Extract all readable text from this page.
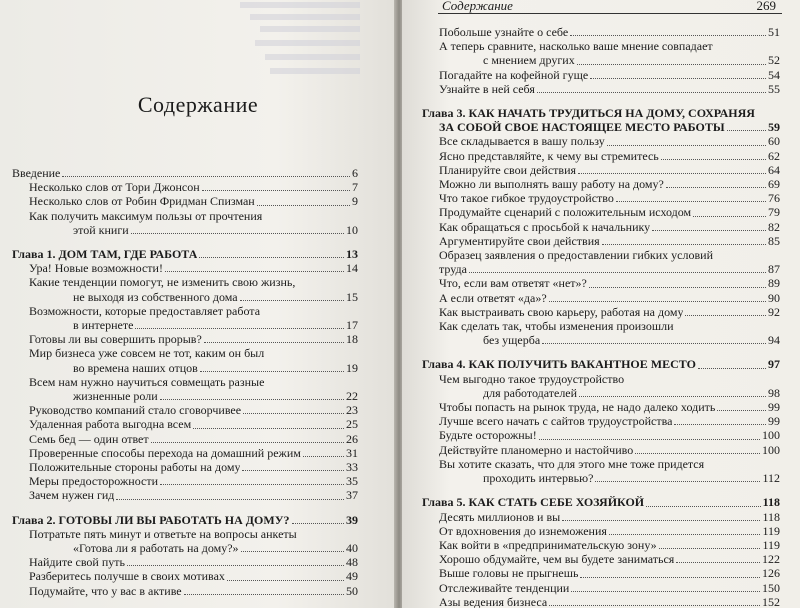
Содержание
Введение	6
Несколько слов от Тори Джонсон	7
Несколько слов от Робин Фридман Спизман	9
Как получить максимум пользы от прочтения
этой книги	10
Глава 1. ДОМ ТАМ, ГДЕ РАБОТА	13
Ура! Новые возможности!	14
Какие тенденции помогут, не изменить свою жизнь,
не выходя из собственного дома	15
Возможности, которые предоставляет работа
в интернете	17
Готовы ли вы совершить прорыв?	18
Мир бизнеса уже совсем не тот, каким он был
во времена наших отцов	19
Всем нам нужно научиться совмещать разные
жизненные роли	22
Руководство компаний стало сговорчивее	23
Удаленная работа выгодна всем	25
Семь бед — один ответ	26
Проверенные способы перехода на домашний режим	31
Положительные стороны работы на дому	33
Меры предосторожности	35
Зачем нужен гид	37
Глава 2. ГОТОВЫ ЛИ ВЫ РАБОТАТЬ НА ДОМУ?	39
Потратьте пять минут и ответьте на вопросы анкеты
«Готова ли я работать на дому?»	40
Найдите свой путь	48
Разберитесь получше в своих мотивах	49
Подумайте, что у вас в активе	50
Содержание	269
Побольше узнайте о себе	51
А теперь сравните, насколько ваше мнение совпадает
с мнением других	52
Погадайте на кофейной гуще	54
Узнайте в ней себя	55
Глава 3. КАК НАЧАТЬ ТРУДИТЬСЯ НА ДОМУ, СОХРАНЯЯ
ЗА СОБОЙ СВОЕ НАСТОЯЩЕЕ МЕСТО РАБОТЫ	59
Все складывается в вашу пользу	60
Ясно представляйте, к чему вы стремитесь	62
Планируйте свои действия	64
Можно ли выполнять вашу работу на дому?	69
Что такое гибкое трудоустройство	76
Продумайте сценарий с положительным исходом	79
Как обращаться с просьбой к начальнику	82
Аргументируйте свои действия	85
Образец заявления о предоставлении гибких условий
труда	87
Что, если вам ответят «нет»?	89
А если ответят «да»?	90
Как выстраивать свою карьеру, работая на дому	92
Как сделать так, чтобы изменения произошли
без ущерба	94
Глава 4. КАК ПОЛУЧИТЬ ВАКАНТНОЕ МЕСТО	97
Чем выгодно такое трудоустройство
для работодателей	98
Чтобы попасть на рынок труда, не надо далеко ходить	99
Лучше всего начать с сайтов трудоустройства	99
Будьте осторожны!	100
Действуйте планомерно и настойчиво	100
Вы хотите сказать, что для этого мне тоже придется
проходить интервью?	112
Глава 5. КАК СТАТЬ СЕБЕ ХОЗЯЙКОЙ	118
Десять миллионов и вы	118
От вдохновения до изнеможения	119
Как войти в «предпринимательскую зону»	119
Хорошо обдумайте, чем вы будете заниматься	122
Выше головы не прыгнешь	126
Отслеживайте тенденции	150
Азы ведения бизнеса	152
